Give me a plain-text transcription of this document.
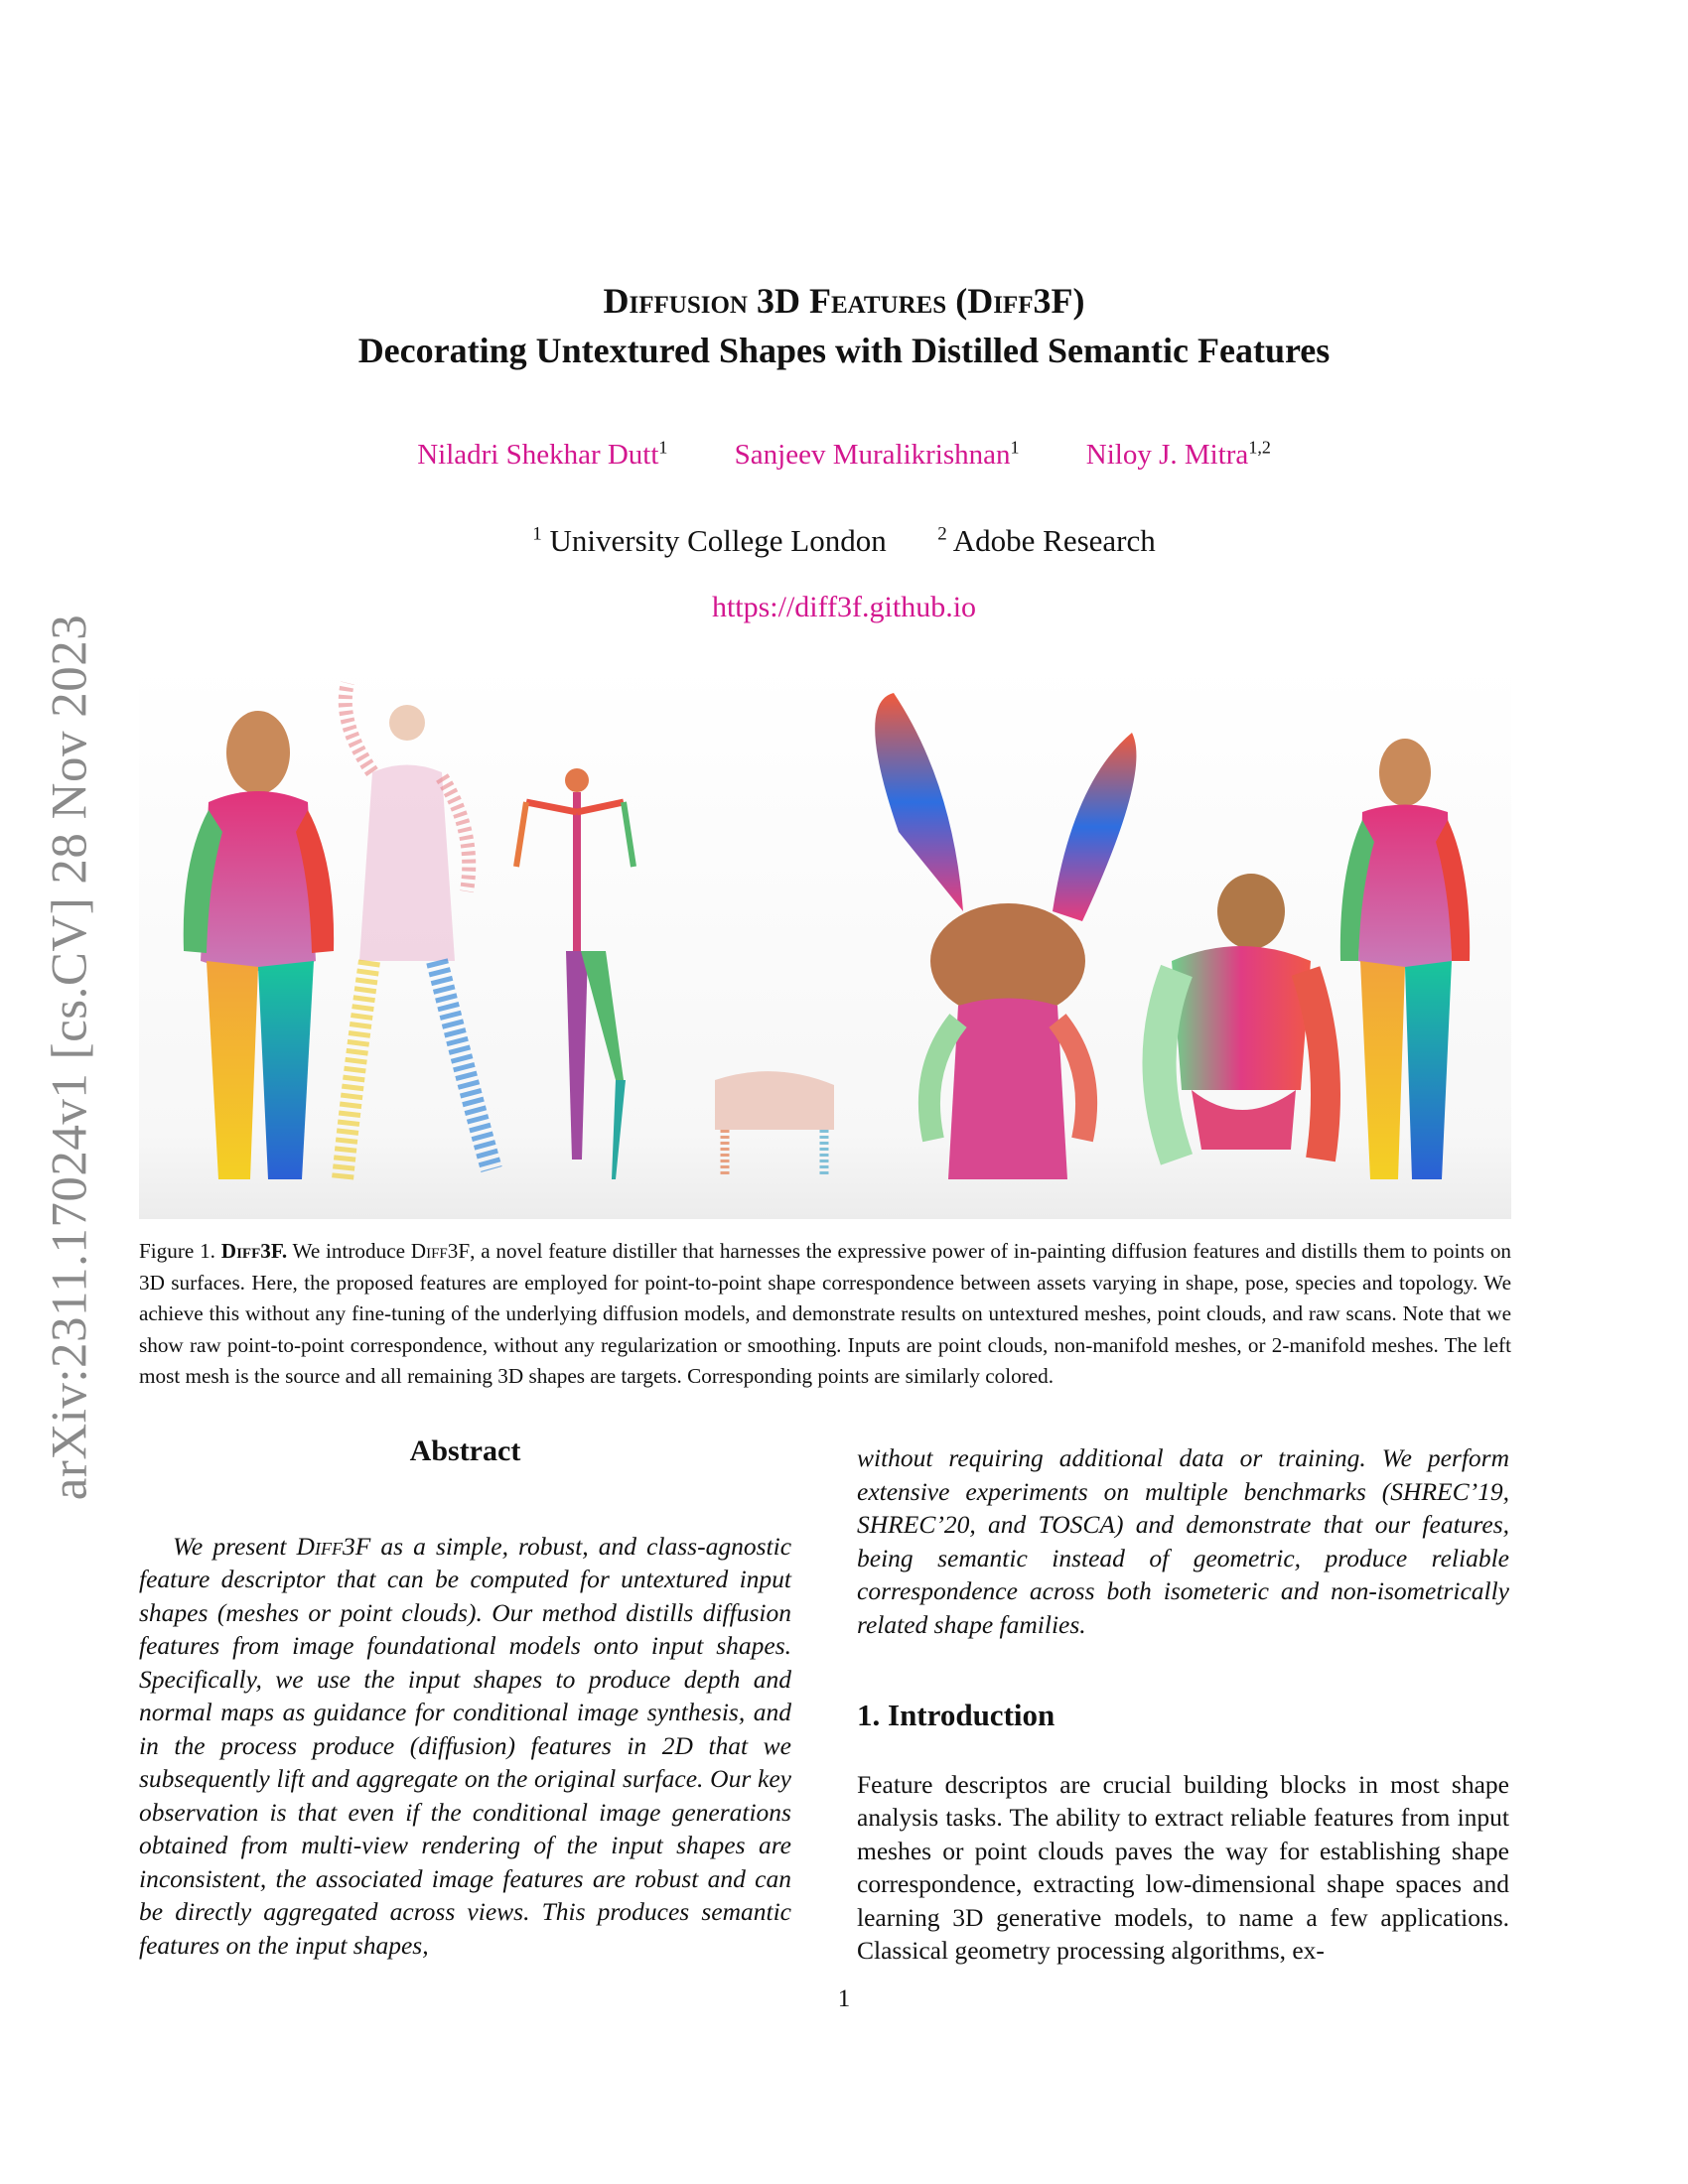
arXiv:2311.17024v1 [cs.CV] 28 Nov 2023
Diffusion 3D Features (Diff3F)
Decorating Untextured Shapes with Distilled Semantic Features
Niladri Shekhar Dutt$^1$ Sanjeev Muralikrishnan$^1$ Niloy J. Mitra$^{1,2}$
$^1$ University College London	$^2$ Adobe Research
https://diff3f.github.io
Figure 1. Diff3F. We introduce Diff3F, a novel feature distiller that harnesses the expressive power of in-painting diffusion features and distills them to points on 3D surfaces. Here, the proposed features are employed for point-to-point shape correspondence between assets varying in shape, pose, species and topology. We achieve this without any fine-tuning of the underlying diffusion models, and demonstrate results on untextured meshes, point clouds, and raw scans. Note that we show raw point-to-point correspondence, without any regularization or smoothing. Inputs are point clouds, non-manifold meshes, or 2-manifold meshes. The left most mesh is the source and all remaining 3D shapes are targets. Corresponding points are similarly colored.
Abstract

We present Diff3F as a simple, robust, and class-agnostic feature descriptor that can be computed for untextured input shapes (meshes or point clouds). Our method distills diffusion features from image foundational models onto input shapes. Specifically, we use the input shapes to produce depth and normal maps as guidance for conditional image synthesis, and in the process produce (diffusion) features in 2D that we subsequently lift and aggregate on the original surface. Our key observation is that even if the conditional image generations obtained from multi-view rendering of the input shapes are inconsistent, the associated image features are robust and can be directly aggregated across views. This produces semantic features on the input shapes,

without requiring additional data or training. We perform extensive experiments on multiple benchmarks (SHREC’19, SHREC’20, and TOSCA) and demonstrate that our features, being semantic instead of geometric, produce reliable correspondence across both isometeric and non-isometrically related shape families.

1. Introduction

Feature descriptos are crucial building blocks in most shape analysis tasks. The ability to extract reliable features from input meshes or point clouds paves the way for establishing shape correspondence, extracting low-dimensional shape spaces and learning 3D generative models, to name a few applications. Classical geometry processing algorithms, ex-

1
